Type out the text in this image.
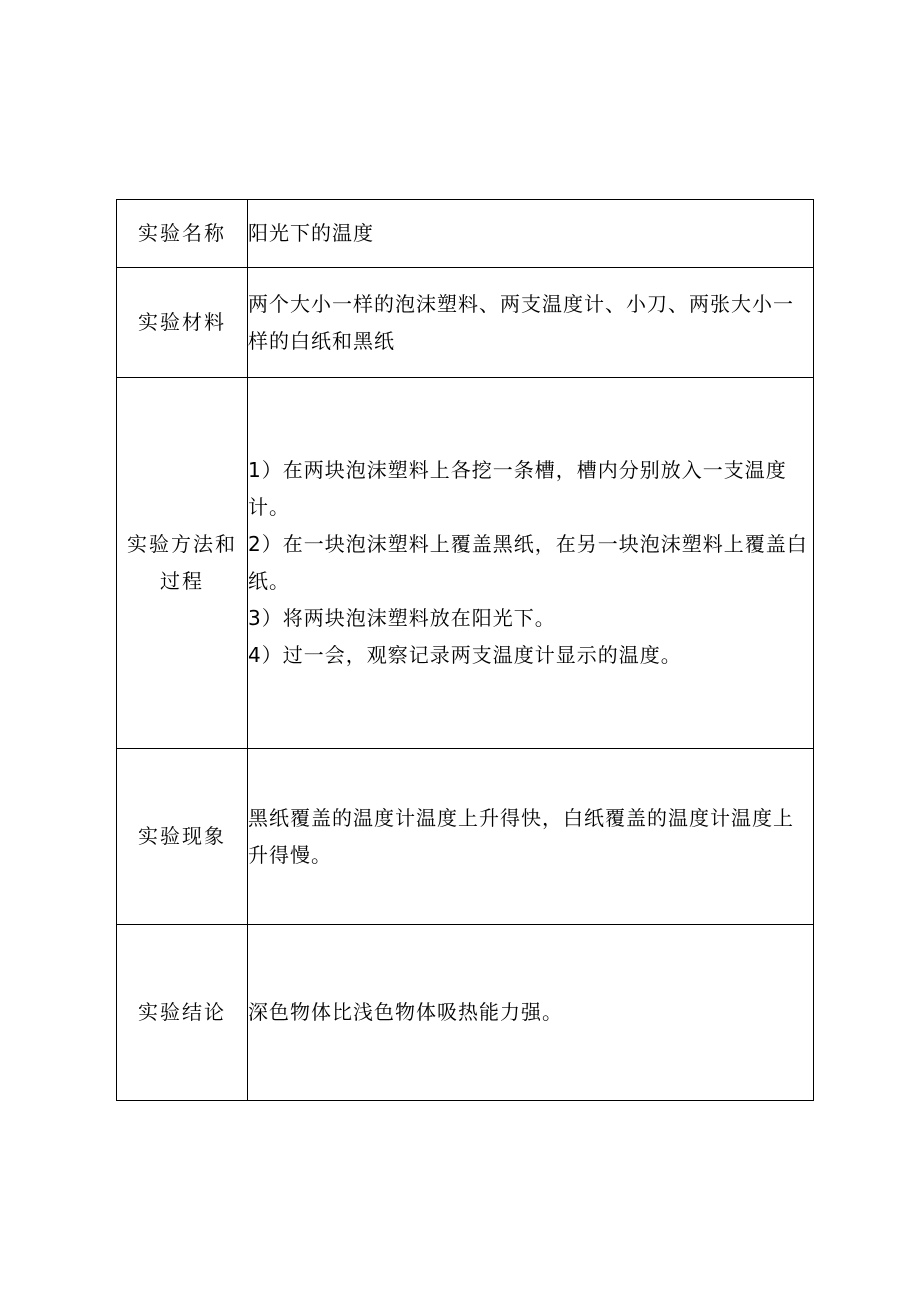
实验名称	阳光下的温度
实验材料	两个大小一样的泡沫塑料、两支温度计、小刀、两张大小一样的白纸和黑纸
实验方法和过程	1）在两块泡沫塑料上各挖一条槽，槽内分别放入一支温度计。
2）在一块泡沫塑料上覆盖黑纸，在另一块泡沫塑料上覆盖白纸。
3）将两块泡沫塑料放在阳光下。
4）过一会，观察记录两支温度计显示的温度。

实验现象	黑纸覆盖的温度计温度上升得快，白纸覆盖的温度计温度上升得慢。
实验结论	深色物体比浅色物体吸热能力强。
